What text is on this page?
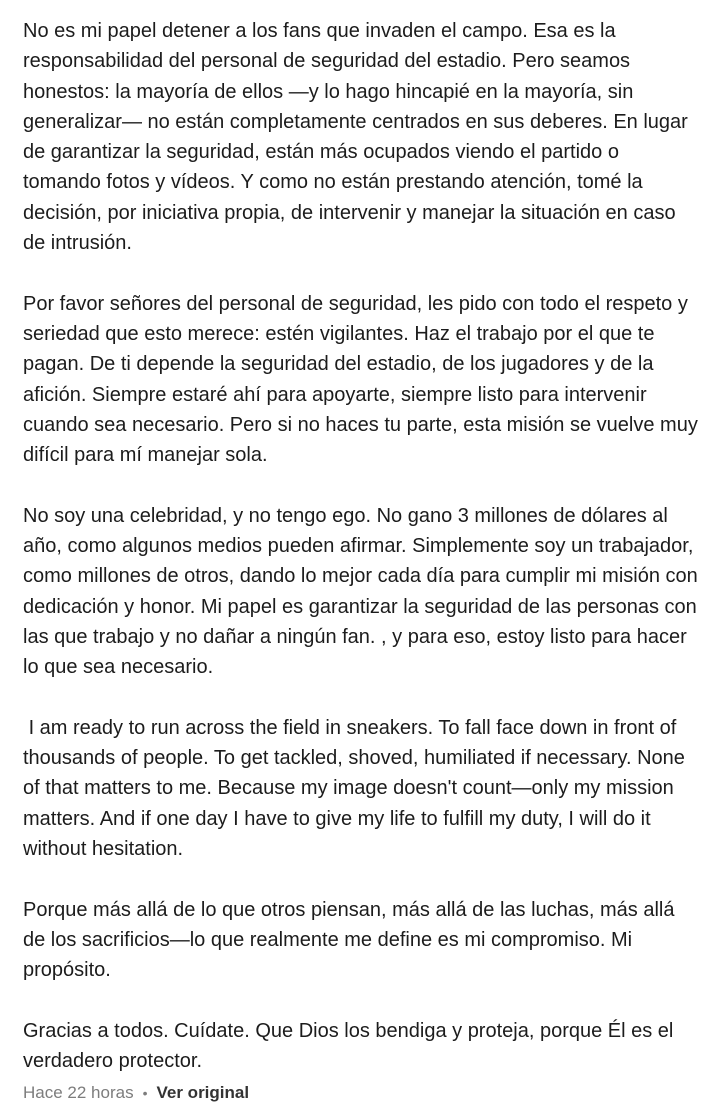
No es mi papel detener a los fans que invaden el campo. Esa es la responsabilidad del personal de seguridad del estadio. Pero seamos honestos: la mayoría de ellos —y lo hago hincapié en la mayoría, sin generalizar— no están completamente centrados en sus deberes. En lugar de garantizar la seguridad, están más ocupados viendo el partido o tomando fotos y vídeos. Y como no están prestando atención, tomé la decisión, por iniciativa propia, de intervenir y manejar la situación en caso de intrusión.

Por favor señores del personal de seguridad, les pido con todo el respeto y seriedad que esto merece: estén vigilantes. Haz el trabajo por el que te pagan. De ti depende la seguridad del estadio, de los jugadores y de la afición. Siempre estaré ahí para apoyarte, siempre listo para intervenir cuando sea necesario. Pero si no haces tu parte, esta misión se vuelve muy difícil para mí manejar sola.

No soy una celebridad, y no tengo ego. No gano 3 millones de dólares al año, como algunos medios pueden afirmar. Simplemente soy un trabajador, como millones de otros, dando lo mejor cada día para cumplir mi misión con dedicación y honor. Mi papel es garantizar la seguridad de las personas con las que trabajo y no dañar a ningún fan. , y para eso, estoy listo para hacer lo que sea necesario.

I am ready to run across the field in sneakers. To fall face down in front of thousands of people. To get tackled, shoved, humiliated if necessary. None of that matters to me. Because my image doesn't count—only my mission matters. And if one day I have to give my life to fulfill my duty, I will do it without hesitation.

Porque más allá de lo que otros piensan, más allá de las luchas, más allá de los sacrificios—lo que realmente me define es mi compromiso. Mi propósito.

Gracias a todos. Cuídate. Que Dios los bendiga y proteja, porque Él es el verdadero protector.

Hace 22 horas • Ver original
